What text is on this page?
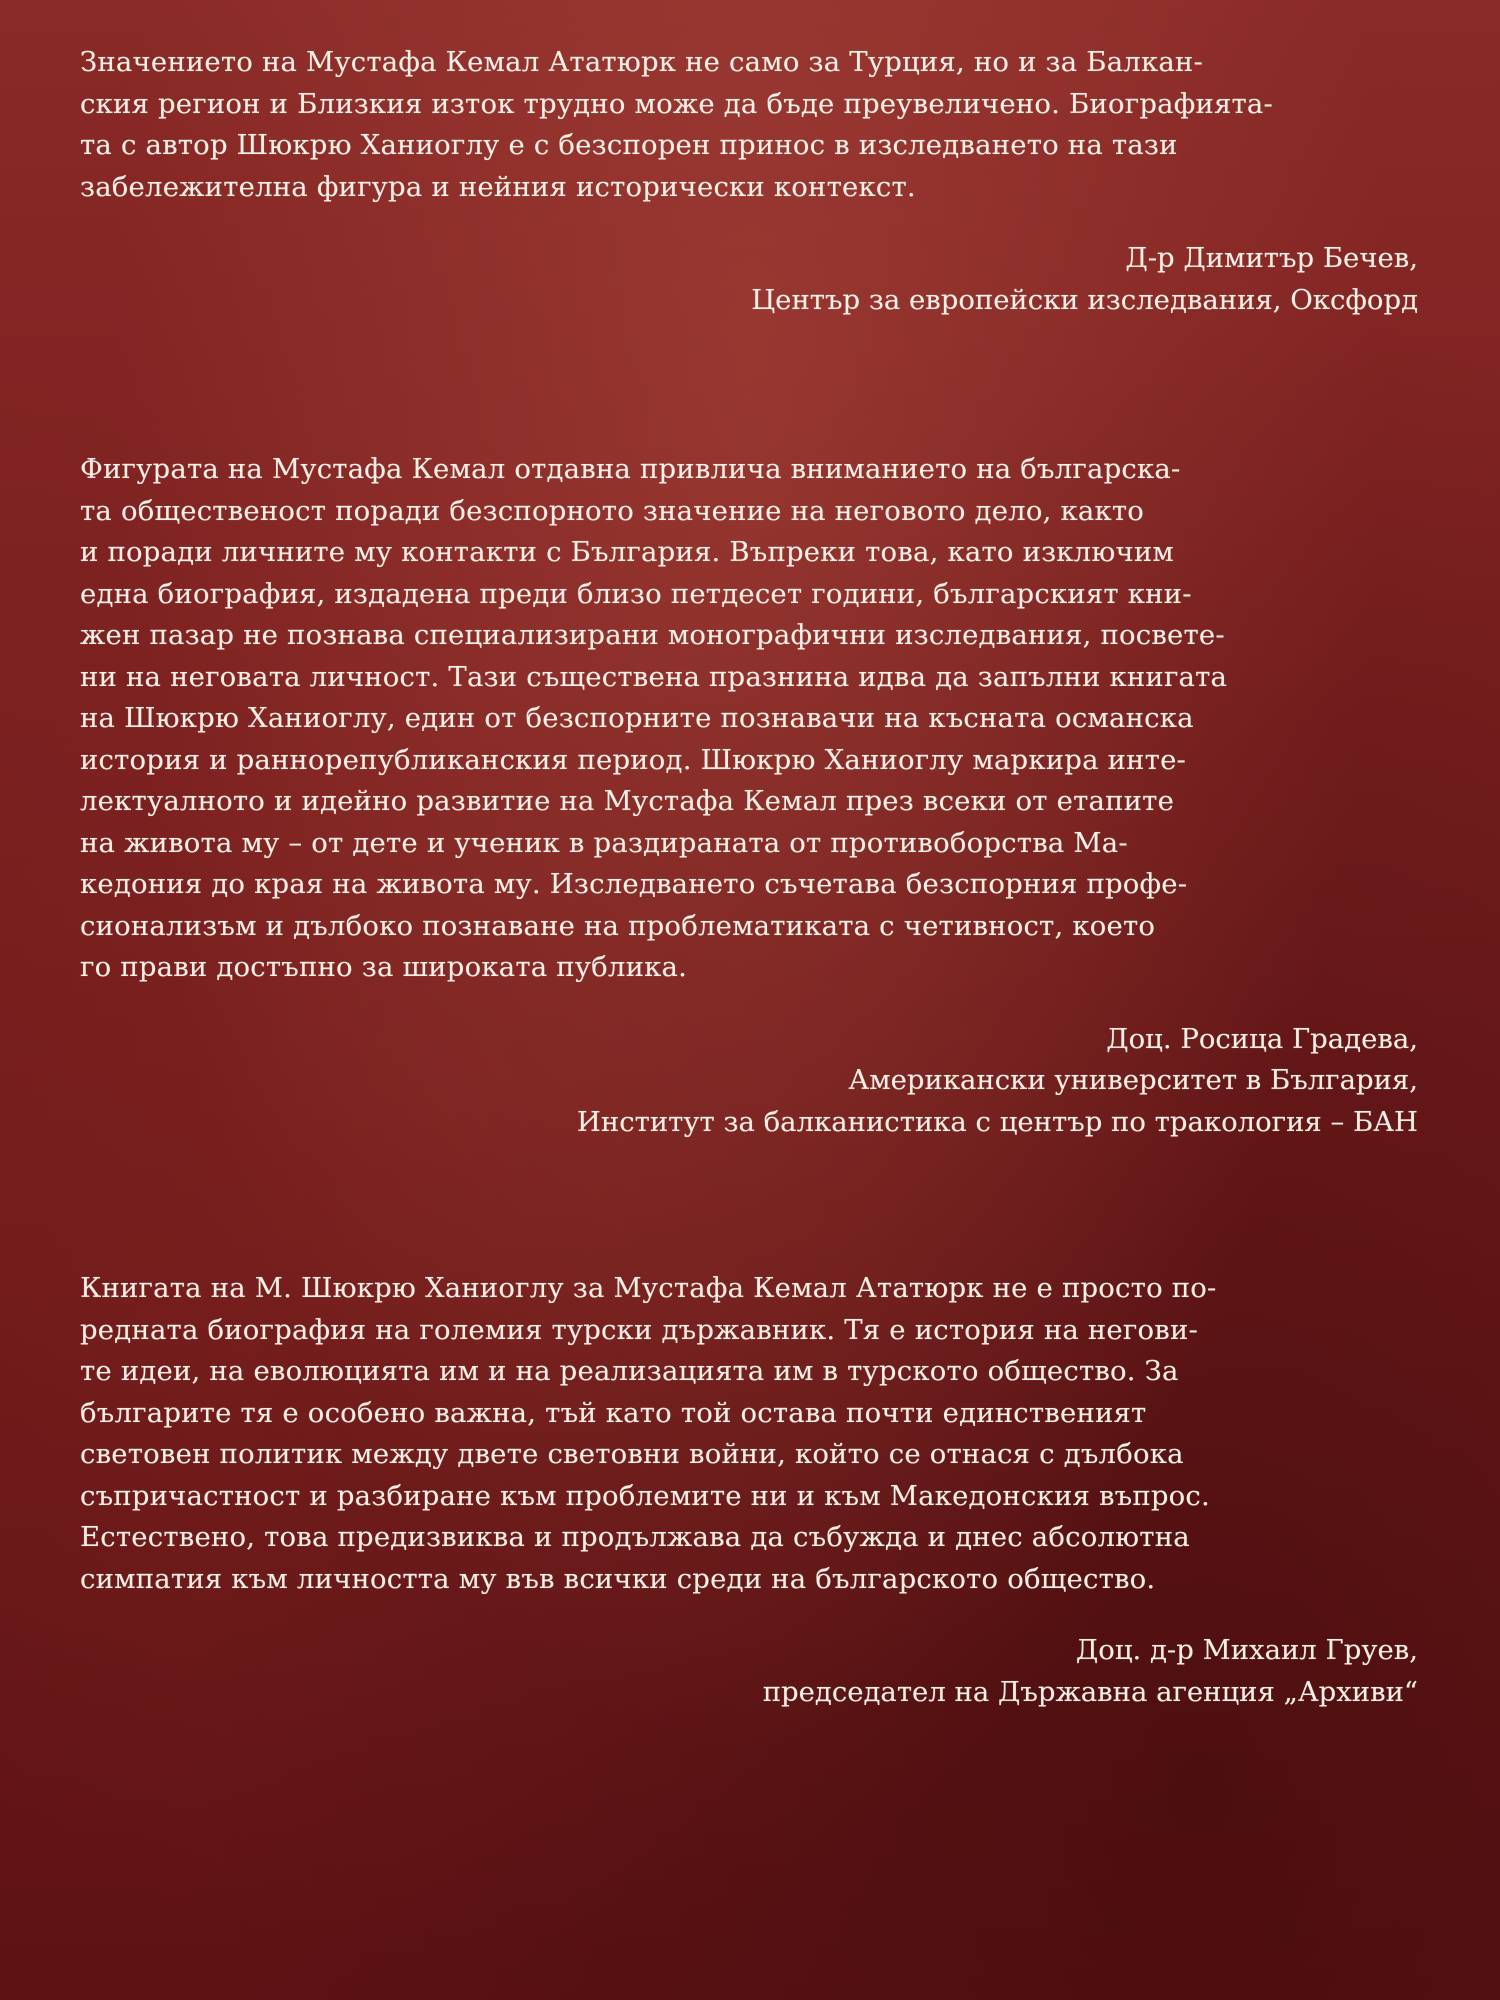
Значението на Мустафа Кемал Ататюрк не само за Турция, но и за Балкан-
ския регион и Близкия изток трудно може да бъде преувеличено. Биографията-
та с автор Шюкрю Ханиоглу е с безспорен принос в изследването на тази
забележителна фигура и нейния исторически контекст.

Д-р Димитър Бечев,
Център за европейски изследвания, Оксфорд

Фигурата на Мустафа Кемал отдавна привлича вниманието на българска-
та общественост поради безспорното значение на неговото дело, както
и поради личните му контакти с България. Въпреки това, като изключим
една биография, издадена преди близо петдесет години, българският кни-
жен пазар не познава специализирани монографични изследвания, посвете-
ни на неговата личност. Тази съществена празнина идва да запълни книгата
на Шюкрю Ханиоглу, един от безспорните познавачи на късната османска
история и раннорепубликанския период. Шюкрю Ханиоглу маркира инте-
лектуалното и идейно развитие на Мустафа Кемал през всеки от етапите
на живота му – от дете и ученик в раздираната от противоборства Ма-
кедония до края на живота му. Изследването съчетава безспорния профе-
сионализъм и дълбоко познаване на проблематиката с четивност, което
го прави достъпно за широката публика.

Доц. Росица Градева,
Американски университет в България,
Институт за балканистика с център по тракология – БАН

Книгата на М. Шюкрю Ханиоглу за Мустафа Кемал Ататюрк не е просто по-
редната биография на големия турски държавник. Тя е история на негови-
те идеи, на еволюцията им и на реализацията им в турското общество. За
българите тя е особено важна, тъй като той остава почти единственият
световен политик между двете световни войни, който се отнася с дълбока
съпричастност и разбиране към проблемите ни и към Македонския въпрос.
Естествено, това предизвиква и продължава да събужда и днес абсолютна
симпатия към личността му във всички среди на българското общество.

Доц. д-р Михаил Груев,
председател на Държавна агенция „Архиви“
